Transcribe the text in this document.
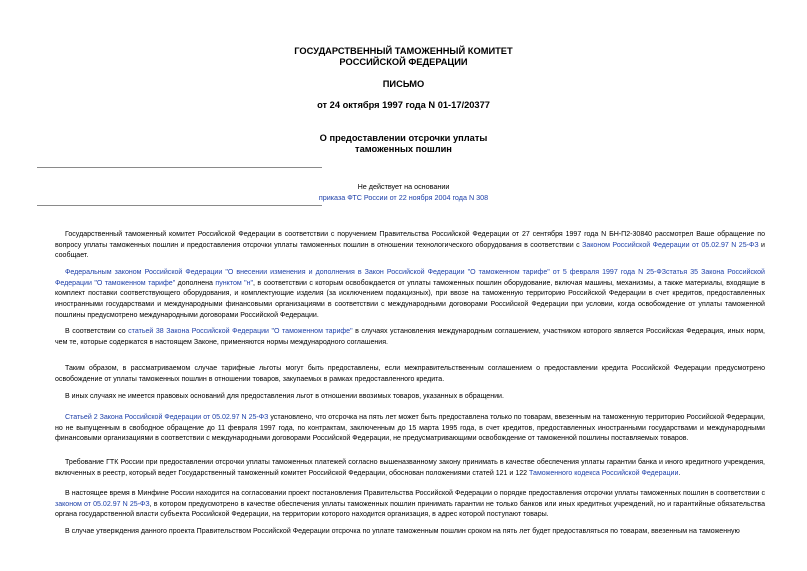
ГОСУДАРСТВЕННЫЙ ТАМОЖЕННЫЙ КОМИТЕТ
РОССИЙСКОЙ ФЕДЕРАЦИИ
ПИСЬМО
от 24 октября 1997 года N 01-17/20377
О предоставлении отсрочки уплаты
таможенных пошлин
Не действует на основании
приказа ФТС России от 22 ноября 2004 года N 308
Государственный таможенный комитет Российской Федерации в соответствии с поручением Правительства Российской Федерации от 27 сентября 1997 года N БН-П2-30840 рассмотрел Ваше обращение по вопросу уплаты таможенных пошлин и предоставления отсрочки уплаты таможенных пошлин в отношении технологического оборудования в соответствии с Законом Российской Федерации от 05.02.97 N 25-ФЗ и сообщает.
Федеральным законом Российской Федерации "О внесении изменения и дополнения в Закон Российской Федерации "О таможенном тарифе" от 5 февраля 1997 года N 25-ФЗстатья 35 Закона Российской Федерации "О таможенном тарифе" дополнена пунктом "н", в соответствии с которым освобождается от уплаты таможенных пошлин оборудование, включая машины, механизмы, а также материалы, входящие в комплект поставки соответствующего оборудования, и комплектующие изделия (за исключением подакцизных), при ввозе на таможенную территорию Российской Федерации в счет кредитов, предоставленных иностранными государствами и международными финансовыми организациями в соответствии с международными договорами Российской Федерации при условии, когда освобождение от уплаты таможенной пошлины предусмотрено международными договорами Российской Федерации.
В соответствии со статьей 38 Закона Российской Федерации "О таможенном тарифе" в случаях установления международным соглашением, участником которого является Российская Федерация, иных норм, чем те, которые содержатся в настоящем Законе, применяются нормы международного соглашения.
Таким образом, в рассматриваемом случае тарифные льготы могут быть предоставлены, если межправительственным соглашением о предоставлении кредита Российской Федерации предусмотрено освобождение от уплаты таможенных пошлин в отношении товаров, закупаемых в рамках предоставленного кредита.
В иных случаях не имеется правовых оснований для предоставления льгот в отношении ввозимых товаров, указанных в обращении.
Статьей 2 Закона Российской Федерации от 05.02.97 N 25-ФЗ установлено, что отсрочка на пять лет может быть предоставлена только по товарам, ввезенным на таможенную территорию Российской Федерации, но не выпущенным в свободное обращение до 11 февраля 1997 года, по контрактам, заключенным до 15 марта 1995 года, в счет кредитов, предоставленных иностранными государствами и международными финансовыми организациями в соответствии с международными договорами Российской Федерации, не предусматривающими освобождение от таможенной пошлины поставляемых товаров.
Требование ГТК России при предоставлении отсрочки уплаты таможенных платежей согласно вышеназванному закону принимать в качестве обеспечения уплаты гарантии банка и иного кредитного учреждения, включенных в реестр, который ведет Государственный таможенный комитет Российской Федерации, обоснован положениями статей 121 и 122 Таможенного кодекса Российской Федерации.
В настоящее время в Минфине России находится на согласовании проект постановления Правительства Российской Федерации о порядке предоставления отсрочки уплаты таможенных пошлин в соответствии с законом от 05.02.97 N 25-ФЗ, в котором предусмотрено в качестве обеспечения уплаты таможенных пошлин принимать гарантии не только банков или иных кредитных учреждений, но и гарантийные обязательства органа государственной власти субъекта Российской Федерации, на территории которого находится организация, в адрес которой поступают товары.
В случае утверждения данного проекта Правительством Российской Федерации отсрочка по уплате таможенным пошлин сроком на пять лет будет предоставляться по товарам, ввезенным на таможенную
